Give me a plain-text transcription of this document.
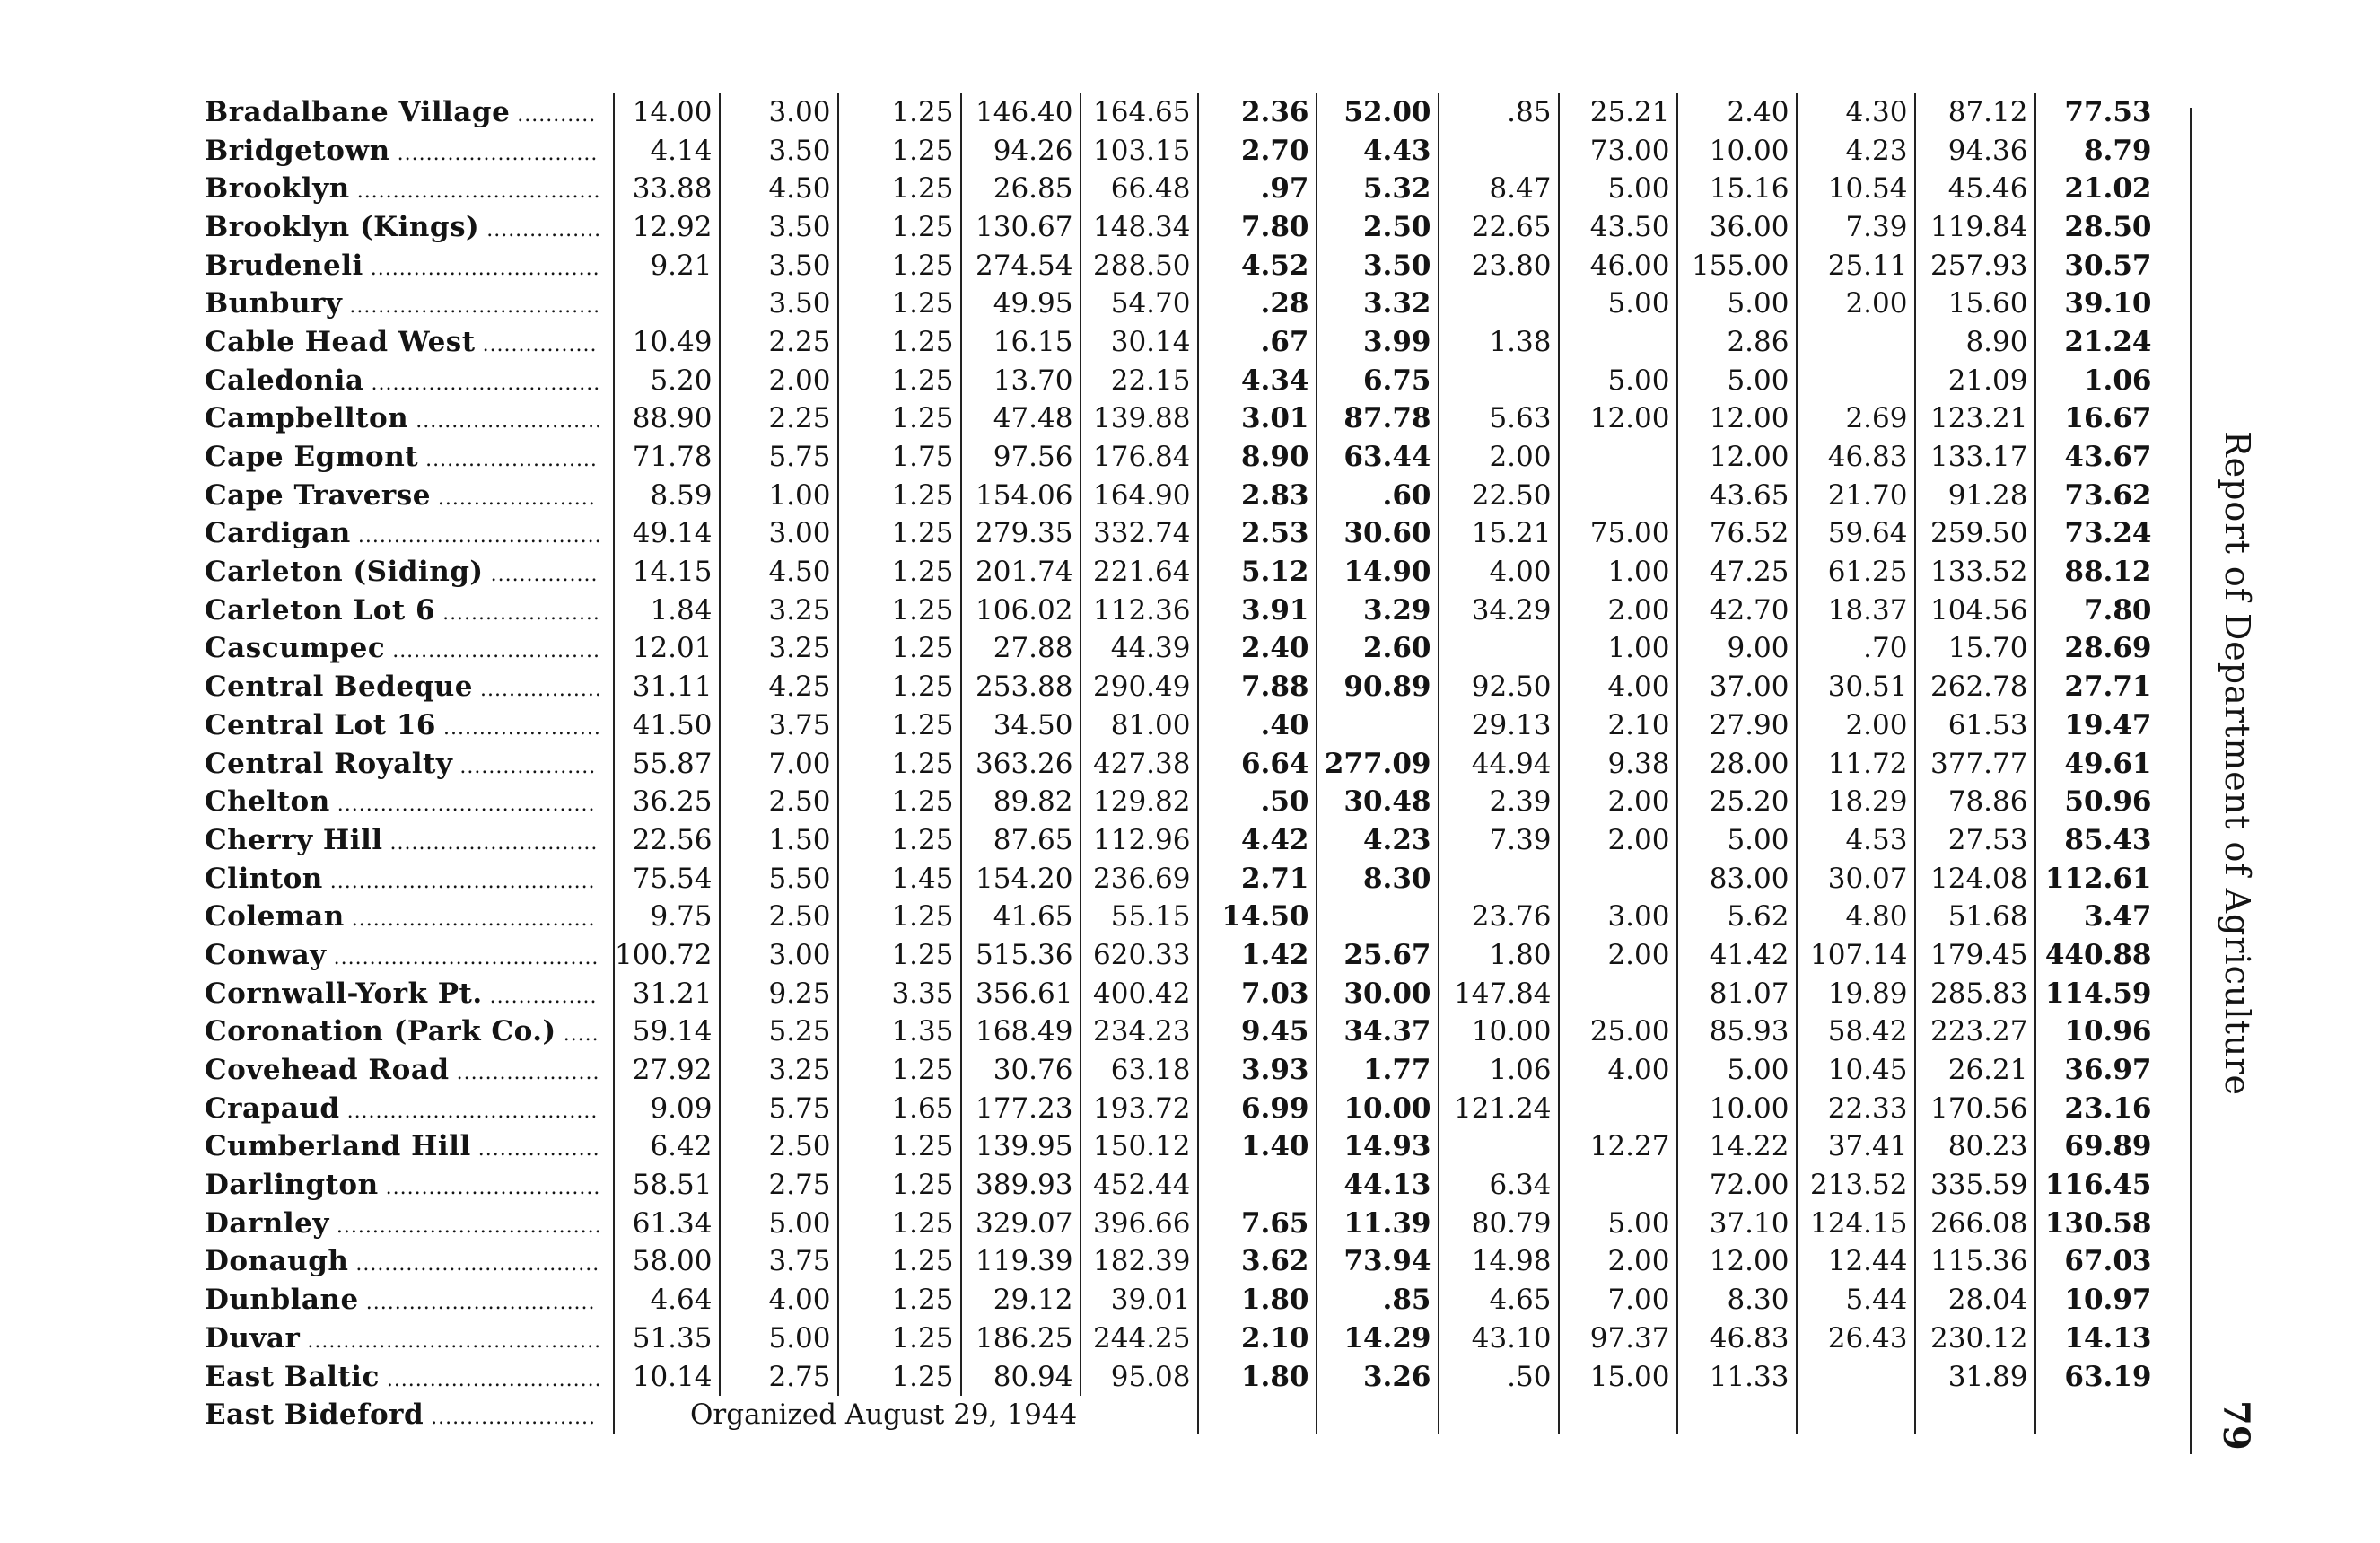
Bradalbane Village ...........	14.00	3.00	1.25	146.40	164.65	2.36	52.00	.85	25.21	2.40	4.30	87.12	77.53
Bridgetown ............................	4.14	3.50	1.25	94.26	103.15	2.70	4.43		73.00	10.00	4.23	94.36	8.79
Brooklyn ..................................	33.88	4.50	1.25	26.85	66.48	.97	5.32	8.47	5.00	15.16	10.54	45.46	21.02
Brooklyn (Kings) ................	12.92	3.50	1.25	130.67	148.34	7.80	2.50	22.65	43.50	36.00	7.39	119.84	28.50
Brudeneli ................................	9.21	3.50	1.25	274.54	288.50	4.52	3.50	23.80	46.00	155.00	25.11	257.93	30.57
Bunbury ...................................		3.50	1.25	49.95	54.70	.28	3.32		5.00	5.00	2.00	15.60	39.10
Cable Head West ................	10.49	2.25	1.25	16.15	30.14	.67	3.99	1.38		2.86		8.90	21.24
Caledonia ................................	5.20	2.00	1.25	13.70	22.15	4.34	6.75		5.00	5.00		21.09	1.06
Campbellton ..........................	88.90	2.25	1.25	47.48	139.88	3.01	87.78	5.63	12.00	12.00	2.69	123.21	16.67
Cape Egmont ........................	71.78	5.75	1.75	97.56	176.84	8.90	63.44	2.00		12.00	46.83	133.17	43.67
Cape Traverse ......................	8.59	1.00	1.25	154.06	164.90	2.83	.60	22.50		43.65	21.70	91.28	73.62
Cardigan ..................................	49.14	3.00	1.25	279.35	332.74	2.53	30.60	15.21	75.00	76.52	59.64	259.50	73.24
Carleton (Siding) ...............	14.15	4.50	1.25	201.74	221.64	5.12	14.90	4.00	1.00	47.25	61.25	133.52	88.12
Carleton Lot 6 ......................	1.84	3.25	1.25	106.02	112.36	3.91	3.29	34.29	2.00	42.70	18.37	104.56	7.80
Cascumpec .............................	12.01	3.25	1.25	27.88	44.39	2.40	2.60		1.00	9.00	.70	15.70	28.69
Central Bedeque .................	31.11	4.25	1.25	253.88	290.49	7.88	90.89	92.50	4.00	37.00	30.51	262.78	27.71
Central Lot 16 ......................	41.50	3.75	1.25	34.50	81.00	.40		29.13	2.10	27.90	2.00	61.53	19.47
Central Royalty ...................	55.87	7.00	1.25	363.26	427.38	6.64	277.09	44.94	9.38	28.00	11.72	377.77	49.61
Chelton ....................................	36.25	2.50	1.25	89.82	129.82	.50	30.48	2.39	2.00	25.20	18.29	78.86	50.96
Cherry Hill .............................	22.56	1.50	1.25	87.65	112.96	4.42	4.23	7.39	2.00	5.00	4.53	27.53	85.43
Clinton .....................................	75.54	5.50	1.45	154.20	236.69	2.71	8.30			83.00	30.07	124.08	112.61
Coleman ..................................	9.75	2.50	1.25	41.65	55.15	14.50		23.76	3.00	5.62	4.80	51.68	3.47
Conway .....................................	100.72	3.00	1.25	515.36	620.33	1.42	25.67	1.80	2.00	41.42	107.14	179.45	440.88
Cornwall-York Pt. ...............	31.21	9.25	3.35	356.61	400.42	7.03	30.00	147.84		81.07	19.89	285.83	114.59
Coronation (Park Co.) .....	59.14	5.25	1.35	168.49	234.23	9.45	34.37	10.00	25.00	85.93	58.42	223.27	10.96
Covehead Road ....................	27.92	3.25	1.25	30.76	63.18	3.93	1.77	1.06	4.00	5.00	10.45	26.21	36.97
Crapaud ...................................	9.09	5.75	1.65	177.23	193.72	6.99	10.00	121.24		10.00	22.33	170.56	23.16
Cumberland Hill .................	6.42	2.50	1.25	139.95	150.12	1.40	14.93		12.27	14.22	37.41	80.23	69.89
Darlington ..............................	58.51	2.75	1.25	389.93	452.44		44.13	6.34		72.00	213.52	335.59	116.45
Darnley .....................................	61.34	5.00	1.25	329.07	396.66	7.65	11.39	80.79	5.00	37.10	124.15	266.08	130.58
Donaugh ..................................	58.00	3.75	1.25	119.39	182.39	3.62	73.94	14.98	2.00	12.00	12.44	115.36	67.03
Dunblane ................................	4.64	4.00	1.25	29.12	39.01	1.80	.85	4.65	7.00	8.30	5.44	28.04	10.97
Duvar .........................................	51.35	5.00	1.25	186.25	244.25	2.10	14.29	43.10	97.37	46.83	26.43	230.12	14.13
East Baltic ..............................	10.14	2.75	1.25	80.94	95.08	1.80	3.26	.50	15.00	11.33		31.89	63.19
East Bideford .......................	Organized August 29, 1944												
Report of Department of Agriculture
79
